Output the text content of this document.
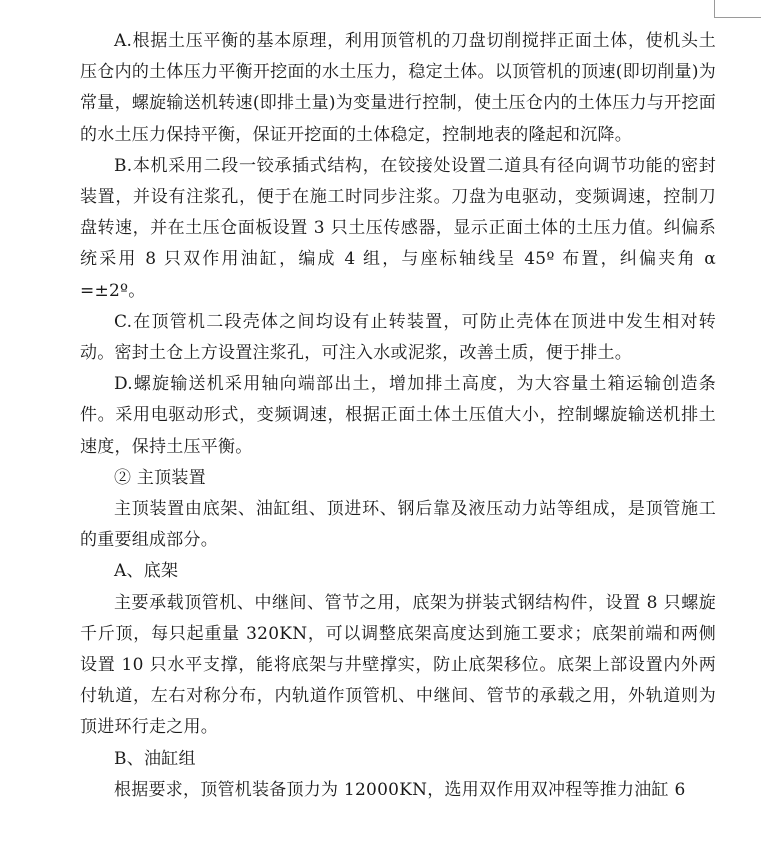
A.根据土压平衡的基本原理，利用顶管机的刀盘切削搅拌正面土体，使机头土压仓内的土体压力平衡开挖面的水土压力，稳定土体。以顶管机的顶速(即切削量)为常量，螺旋输送机转速(即排土量)为变量进行控制，使土压仓内的土体压力与开挖面的水土压力保持平衡，保证开挖面的土体稳定，控制地表的隆起和沉降。

B.本机采用二段一铰承插式结构，在铰接处设置二道具有径向调节功能的密封装置，并设有注浆孔，便于在施工时同步注浆。刀盘为电驱动，变频调速，控制刀盘转速，并在土压仓面板设置 3 只土压传感器，显示正面土体的土压力值。纠偏系统采用 8 只双作用油缸，编成 4 组，与座标轴线呈 45º 布置，纠偏夹角 α =±2º。

C.在顶管机二段壳体之间均设有止转装置，可防止壳体在顶进中发生相对转动。密封土仓上方设置注浆孔，可注入水或泥浆，改善土质，便于排土。

D.螺旋输送机采用轴向端部出土，增加排土高度，为大容量土箱运输创造条件。采用电驱动形式，变频调速，根据正面土体土压值大小，控制螺旋输送机排土速度，保持土压平衡。

② 主顶装置

主顶装置由底架、油缸组、顶进环、钢后靠及液压动力站等组成，是顶管施工的重要组成部分。

A、底架

主要承载顶管机、中继间、管节之用，底架为拼装式钢结构件，设置 8 只螺旋千斤顶，每只起重量 320KN，可以调整底架高度达到施工要求；底架前端和两侧设置 10 只水平支撑，能将底架与井壁撑实，防止底架移位。底架上部设置内外两付轨道，左右对称分布，内轨道作顶管机、中继间、管节的承载之用，外轨道则为顶进环行走之用。

B、油缸组

根据要求，顶管机装备顶力为 12000KN，选用双作用双冲程等推力油缸 6
